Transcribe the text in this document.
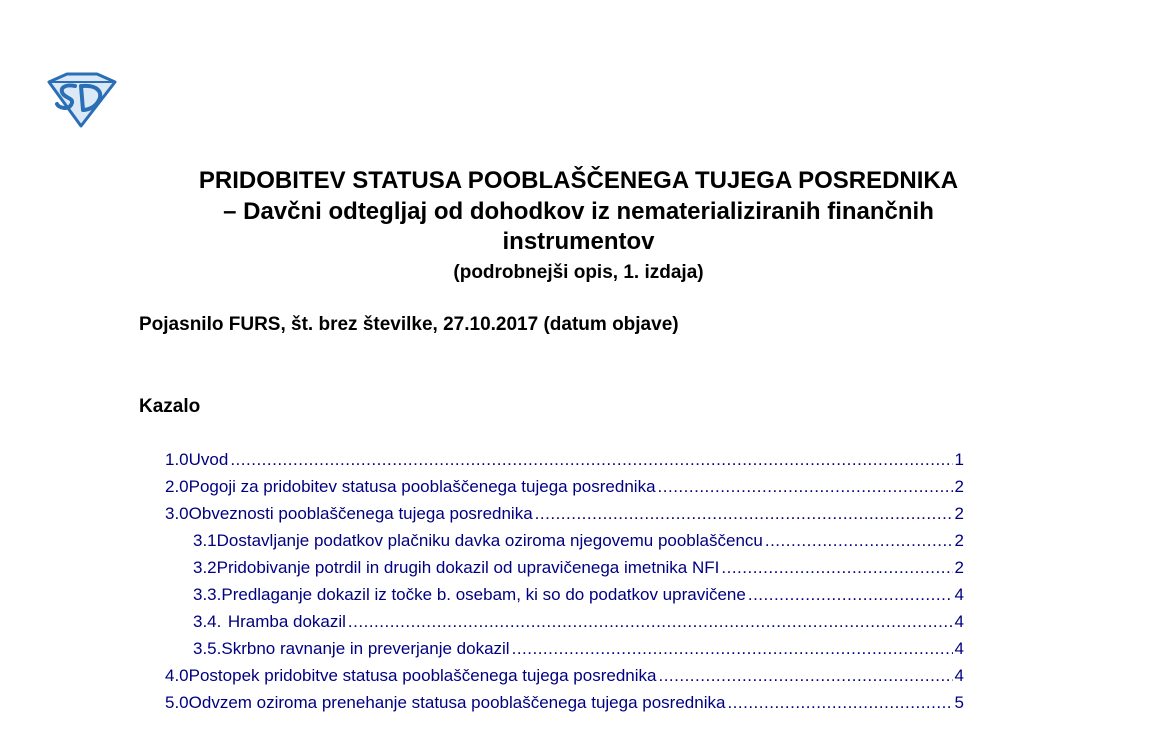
PRIDOBITEV STATUSA POOBLAŠČENEGA TUJEGA POSREDNIKA
– Davčni odtegljaj od dohodkov iz nematerializiranih finančnih
instrumentov
(podrobnejši opis, 1. izdaja)
Pojasnilo FURS, št. brez številke, 27.10.2017 (datum objave)
Kazalo
1.0 Uvod .....	1
2.0 Pogoji za pridobitev statusa pooblaščenega tujega posrednika .....	2
3.0 Obveznosti pooblaščenega tujega posrednika .....	2
3.1 Dostavljanje podatkov plačniku davka oziroma njegovemu pooblaščencu .....	2
3.2 Pridobivanje potrdil in drugih dokazil od upravičenega imetnika NFI .....	2
3.3. Predlaganje dokazil iz točke b. osebam, ki so do podatkov upravičene .....	4
3.4. Hramba dokazil .....	4
3.5. Skrbno ravnanje in preverjanje dokazil .....	4
4.0 Postopek pridobitve statusa pooblaščenega tujega posrednika .....	4
5.0 Odvzem oziroma prenehanje statusa pooblaščenega tujega posrednika .....	5
